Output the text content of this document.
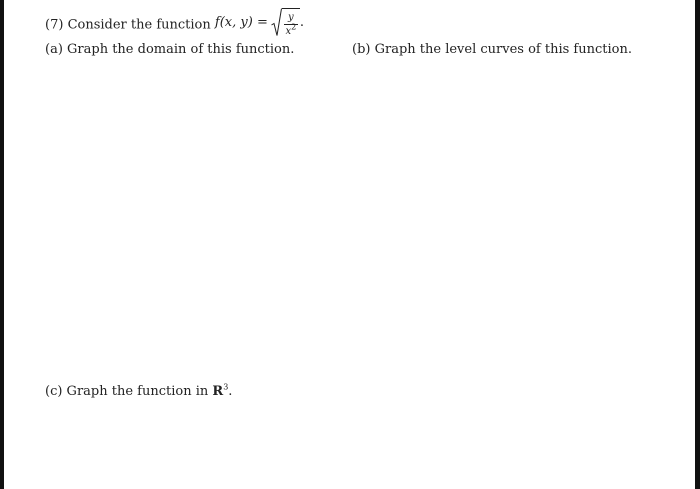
(7) Consider the function f(x, y)
= $\frac{y}{x^2}$ .
(a) Graph the domain of this function.	(b) Graph the level curves of this function.
(c) Graph the function in $R^3$.
